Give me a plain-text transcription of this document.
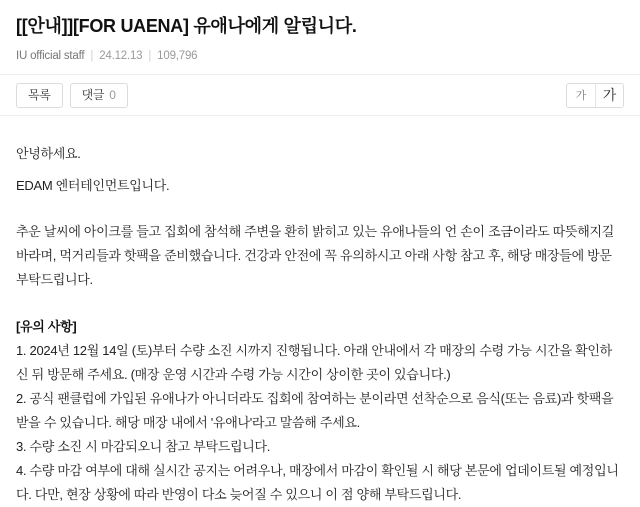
[[안내]][FOR UAENA] 유애나에게 알립니다.
IU official staff | 24.12.13 | 109,796
목록	댓글 0	가	가

안녕하세요.

EDAM 엔터테인먼트입니다.

추운 날씨에 아이크를 들고 집회에 참석해 주변을 환히 밝히고 있는 유애나들의 언 손이 조금이라도 따뜻해지길 바라며, 먹거리들과 핫팩을 준비했습니다. 건강과 안전에 꼭 유의하시고 아래 사항 참고 후, 해당 매장들에 방문 부탁드립니다.

[유의 사항]

1. 2024년 12월 14일 (토)부터 수량 소진 시까지 진행됩니다. 아래 안내에서 각 매장의 수령 가능 시간을 확인하신 뒤 방문해 주세요. (매장 운영 시간과 수령 가능 시간이 상이한 곳이 있습니다.)

2. 공식 팬클럽에 가입된 유애나가 아니더라도 집회에 참여하는 분이라면 선착순으로 음식(또는 음료)과 핫팩을 받을 수 있습니다. 해당 매장 내에서 '유애나'라고 말씀해 주세요.

3. 수량 소진 시 마감되오니 참고 부탁드립니다.

4. 수량 마감 여부에 대해 실시간 공지는 어려우나, 매장에서 마감이 확인될 시 해당 본문에 업데이트될 예정입니다. 다만, 현장 상황에 따라 반영이 다소 늦어질 수 있으니 이 점 양해 부탁드립니다.
